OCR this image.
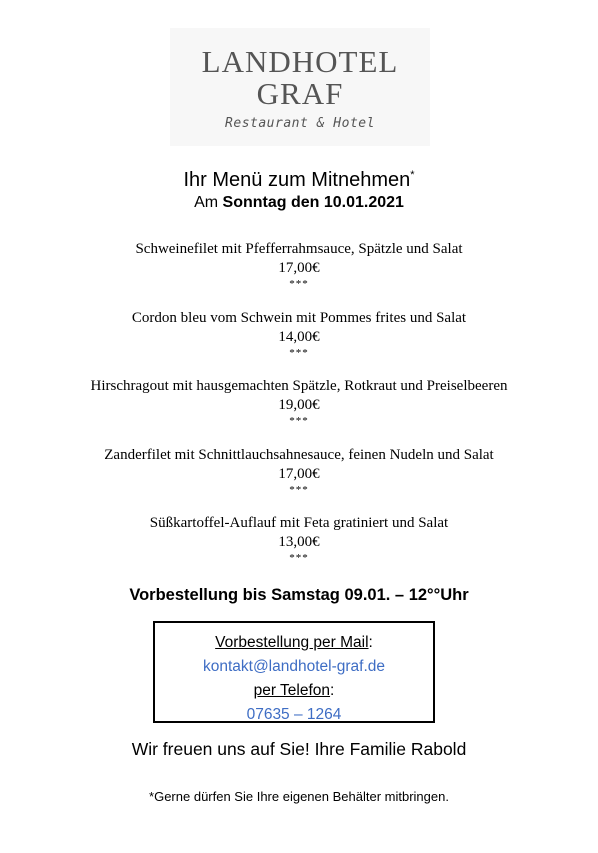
LANDHOTEL
GRAF
Restaurant & Hotel
Ihr Menü zum Mitnehmen*
Am Sonntag den 10.01.2021
Schweinefilet mit Pfefferrahmsauce, Spätzle und Salat
17,00€
***
Cordon bleu vom Schwein mit Pommes frites und Salat
14,00€
***
Hirschragout mit hausgemachten Spätzle, Rotkraut und Preiselbeeren
19,00€
***
Zanderfilet mit Schnittlauchsahnesauce, feinen Nudeln und Salat
17,00€
***
Süßkartoffel-Auflauf mit Feta gratiniert und Salat
13,00€
***
Vorbestellung bis Samstag 09.01. – 12°°Uhr
Vorbestellung per Mail:
kontakt@landhotel-graf.de
per Telefon:
07635 – 1264
Wir freuen uns auf Sie! Ihre Familie Rabold
*Gerne dürfen Sie Ihre eigenen Behälter mitbringen.
